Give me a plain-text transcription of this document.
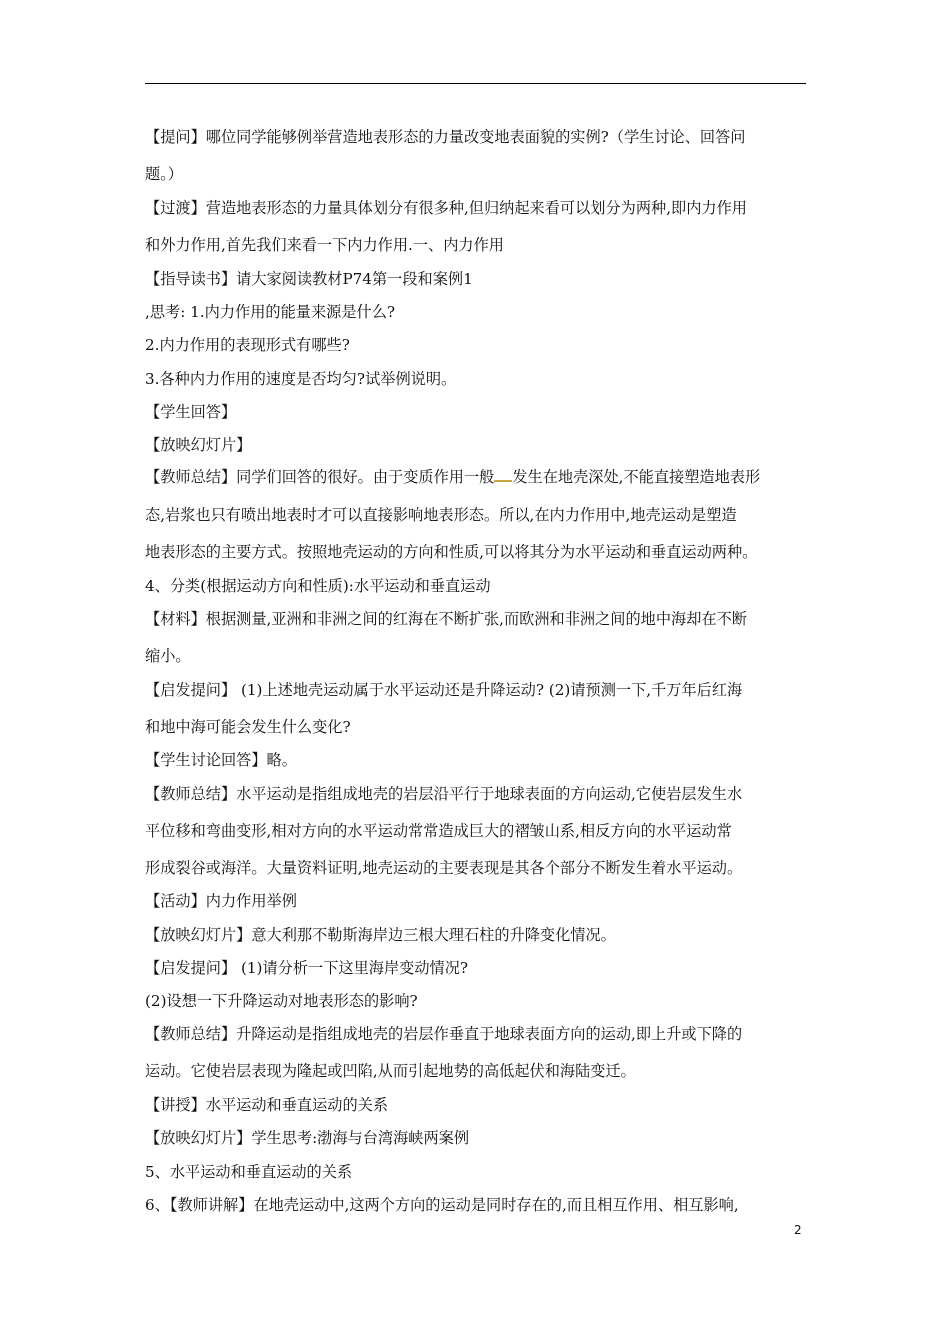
【提问】哪位同学能够例举营造地表形态的力量改变地表面貌的实例?（学生讨论、回答问
题。）
【过渡】营造地表形态的力量具体划分有很多种,但归纳起来看可以划分为两种,即内力作用
和外力作用,首先我们来看一下内力作用.一、内力作用
【指导读书】请大家阅读教材P74第一段和案例1
,思考: 1.内力作用的能量来源是什么?
2.内力作用的表现形式有哪些?
3.各种内力作用的速度是否均匀?试举例说明。
【学生回答】
【放映幻灯片】
【教师总结】同学们回答的很好。由于变质作用一般 发生在地壳深处,不能直接塑造地表形
态,岩浆也只有喷出地表时才可以直接影响地表形态。所以,在内力作用中,地壳运动是塑造
地表形态的主要方式。按照地壳运动的方向和性质,可以将其分为水平运动和垂直运动两种。
4、分类(根据运动方向和性质):水平运动和垂直运动
【材料】根据测量,亚洲和非洲之间的红海在不断扩张,而欧洲和非洲之间的地中海却在不断
缩小。
【启发提问】 (1)上述地壳运动属于水平运动还是升降运动? (2)请预测一下,千万年后红海
和地中海可能会发生什么变化?
【学生讨论回答】略。
【教师总结】水平运动是指组成地壳的岩层沿平行于地球表面的方向运动,它使岩层发生水
平位移和弯曲变形,相对方向的水平运动常常造成巨大的褶皱山系,相反方向的水平运动常
形成裂谷或海洋。大量资料证明,地壳运动的主要表现是其各个部分不断发生着水平运动。
【活动】内力作用举例
【放映幻灯片】意大利那不勒斯海岸边三根大理石柱的升降变化情况。
【启发提问】 (1)请分析一下这里海岸变动情况?
(2)设想一下升降运动对地表形态的影响?
【教师总结】升降运动是指组成地壳的岩层作垂直于地球表面方向的运动,即上升或下降的
运动。它使岩层表现为隆起或凹陷,从而引起地势的高低起伏和海陆变迁。
【讲授】水平运动和垂直运动的关系
【放映幻灯片】学生思考:渤海与台湾海峡两案例
5、水平运动和垂直运动的关系
6、【教师讲解】在地壳运动中,这两个方向的运动是同时存在的,而且相互作用、相互影响,
2
